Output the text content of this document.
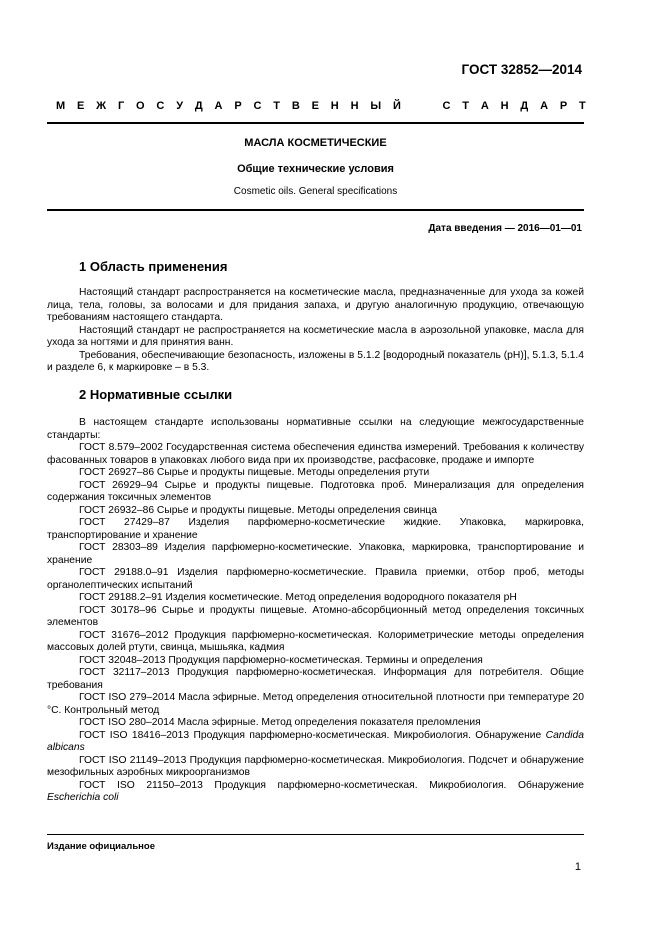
ГОСТ 32852—2014
М Е Ж Г О С У Д А Р С Т В Е Н Н Ы Й

	С Т А Н Д А Р Т
МАСЛА КОСМЕТИЧЕСКИЕ
Общие технические условия
Cosmetic oils. General specifications
Дата введения — 2016—01—01
1 Область применения

Настоящий стандарт распространяется на косметические масла, предназначенные для ухода за кожей лица, тела, головы, за волосами и для придания запаха, и другую аналогичную продукцию, отвечающую требованиям настоящего стандарта.

Настоящий стандарт не распространяется на косметические масла в аэрозольной упаковке, масла для ухода за ногтями и для принятия ванн.

Требования, обеспечивающие безопасность, изложены в 5.1.2 [водородный показатель (pH)], 5.1.3, 5.1.4 и разделе 6, к маркировке – в 5.3.

2 Нормативные ссылки

В настоящем стандарте использованы нормативные ссылки на следующие межгосударственные стандарты:

ГОСТ 8.579–2002 Государственная система обеспечения единства измерений. Требования к количеству фасованных товаров в упаковках любого вида при их производстве, расфасовке, продаже и импорте

ГОСТ 26927–86 Сырье и продукты пищевые. Методы определения ртути

ГОСТ 26929–94 Сырье и продукты пищевые. Подготовка проб. Минерализация для определения содержания токсичных элементов

ГОСТ 26932–86 Сырье и продукты пищевые. Методы определения свинца

ГОСТ 27429–87 Изделия парфюмерно-косметические жидкие. Упаковка, маркировка, транспортирование и хранение

ГОСТ 28303–89 Изделия парфюмерно-косметические. Упаковка, маркировка, транспортирование и хранение

ГОСТ 29188.0–91 Изделия парфюмерно-косметические. Правила приемки, отбор проб, методы органолептических испытаний

ГОСТ 29188.2–91 Изделия косметические. Метод определения водородного показателя pH

ГОСТ 30178–96 Сырье и продукты пищевые. Атомно-абсорбционный метод определения токсичных элементов

ГОСТ 31676–2012 Продукция парфюмерно-косметическая. Колориметрические методы определения массовых долей ртути, свинца, мышьяка, кадмия

ГОСТ 32048–2013 Продукция парфюмерно-косметическая. Термины и определения

ГОСТ 32117–2013 Продукция парфюмерно-косметическая. Информация для потребителя. Общие требования

ГОСТ ISO 279–2014 Масла эфирные. Метод определения относительной плотности при температуре 20 °С. Контрольный метод

ГОСТ ISO 280–2014 Масла эфирные. Метод определения показателя преломления

ГОСТ ISO 18416–2013 Продукция парфюмерно-косметическая. Микробиология. Обнаружение Candida albicans

ГОСТ ISO 21149–2013 Продукция парфюмерно-косметическая. Микробиология. Подсчет и обнаружение мезофильных аэробных микроорганизмов

ГОСТ ISO 21150–2013 Продукция парфюмерно-косметическая. Микробиология. Обнаружение Escherichia coli

Издание официальное
1
